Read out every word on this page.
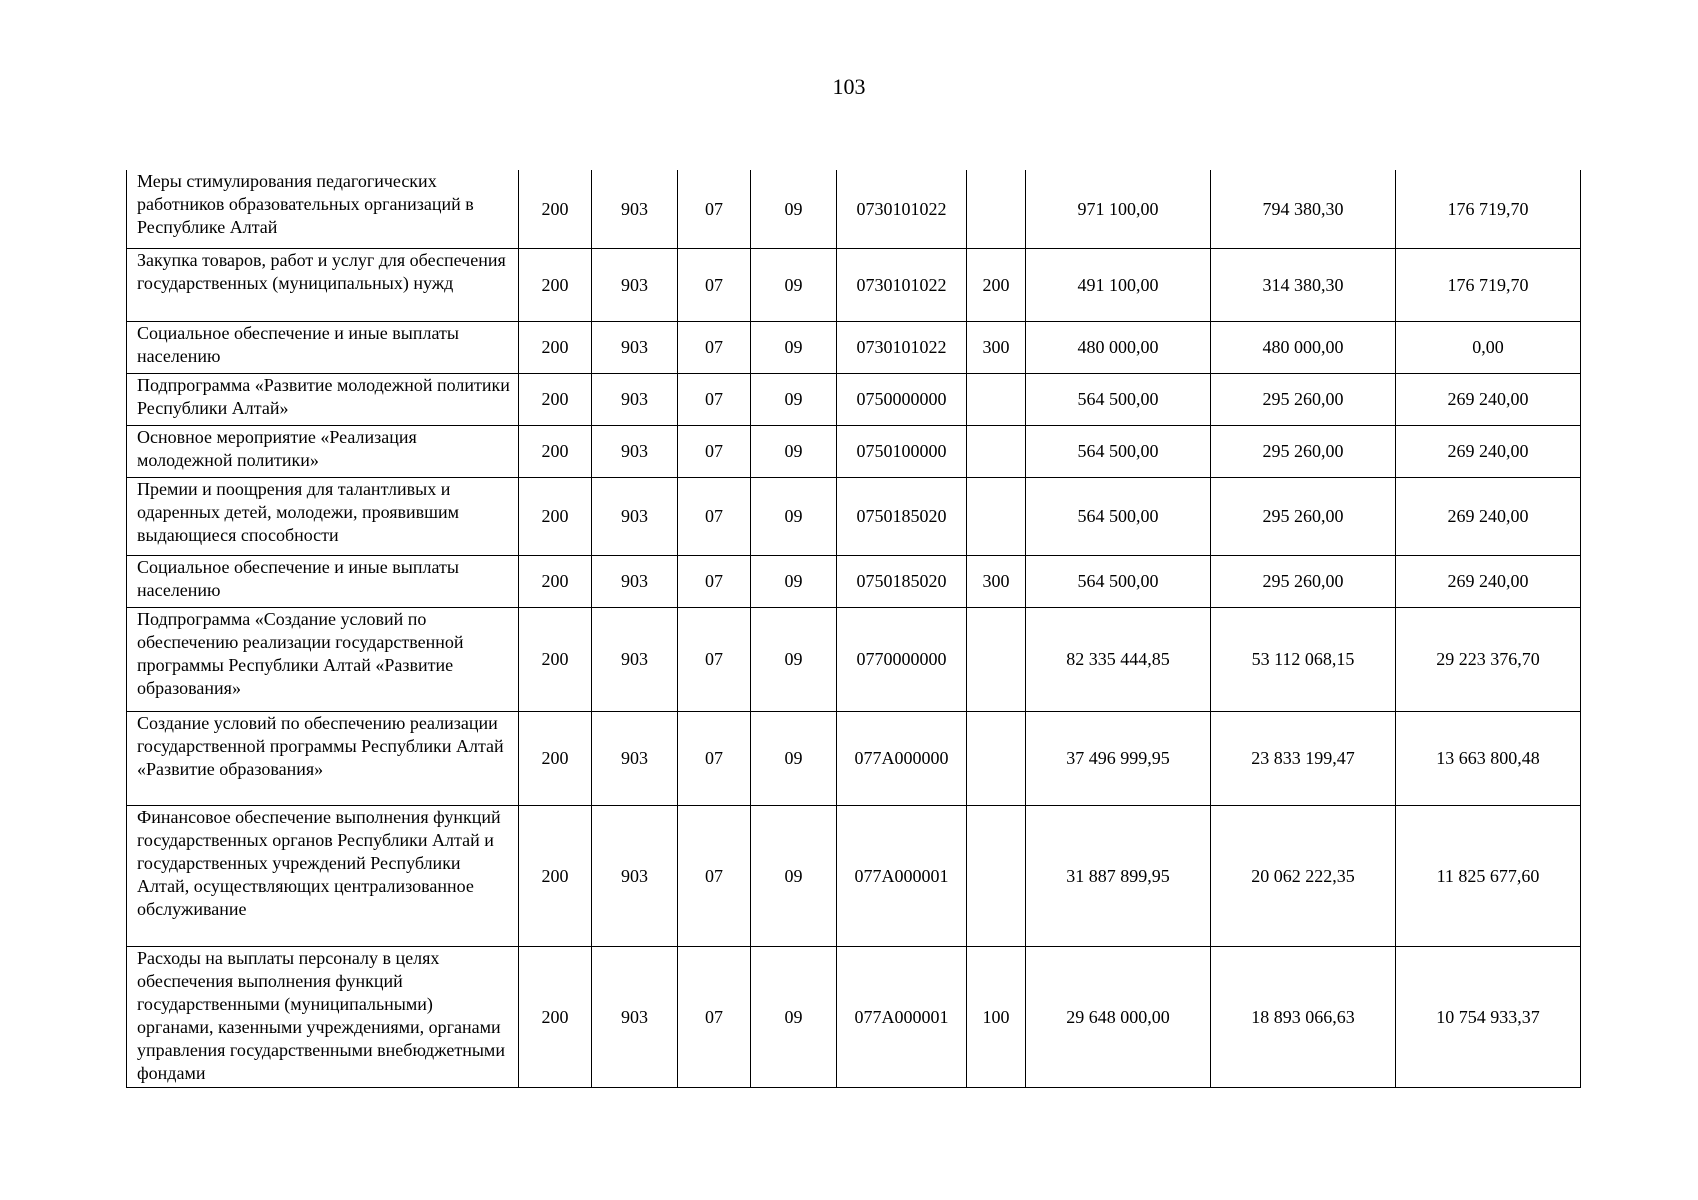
103
Меры стимулирования педагогических работников образовательных организаций в Республике Алтай	200	903	07	09	0730101022		971 100,00	794 380,30	176 719,70
Закупка товаров, работ и услуг для обеспечения государственных (муниципальных) нужд	200	903	07	09	0730101022	200	491 100,00	314 380,30	176 719,70
Социальное обеспечение и иные выплаты населению	200	903	07	09	0730101022	300	480 000,00	480 000,00	0,00
Подпрограмма «Развитие молодежной политики Республики Алтай»	200	903	07	09	0750000000		564 500,00	295 260,00	269 240,00
Основное мероприятие «Реализация молодежной политики»	200	903	07	09	0750100000		564 500,00	295 260,00	269 240,00
Премии и поощрения для талантливых и одаренных детей, молодежи, проявившим выдающиеся способности	200	903	07	09	0750185020		564 500,00	295 260,00	269 240,00
Социальное обеспечение и иные выплаты населению	200	903	07	09	0750185020	300	564 500,00	295 260,00	269 240,00
Подпрограмма «Создание условий по обеспечению реализации государственной программы Республики Алтай «Развитие образования»	200	903	07	09	0770000000		82 335 444,85	53 112 068,15	29 223 376,70
Создание условий по обеспечению реализации государственной программы Республики Алтай «Развитие образования»	200	903	07	09	077A000000		37 496 999,95	23 833 199,47	13 663 800,48
Финансовое обеспечение выполнения функций государственных органов Республики Алтай и государственных учреждений Республики Алтай, осуществляющих централизованное обслуживание	200	903	07	09	077A000001		31 887 899,95	20 062 222,35	11 825 677,60
Расходы на выплаты персоналу в целях обеспечения выполнения функций государственными (муниципальными) органами, казенными учреждениями, органами управления государственными внебюджетными фондами	200	903	07	09	077A000001	100	29 648 000,00	18 893 066,63	10 754 933,37
